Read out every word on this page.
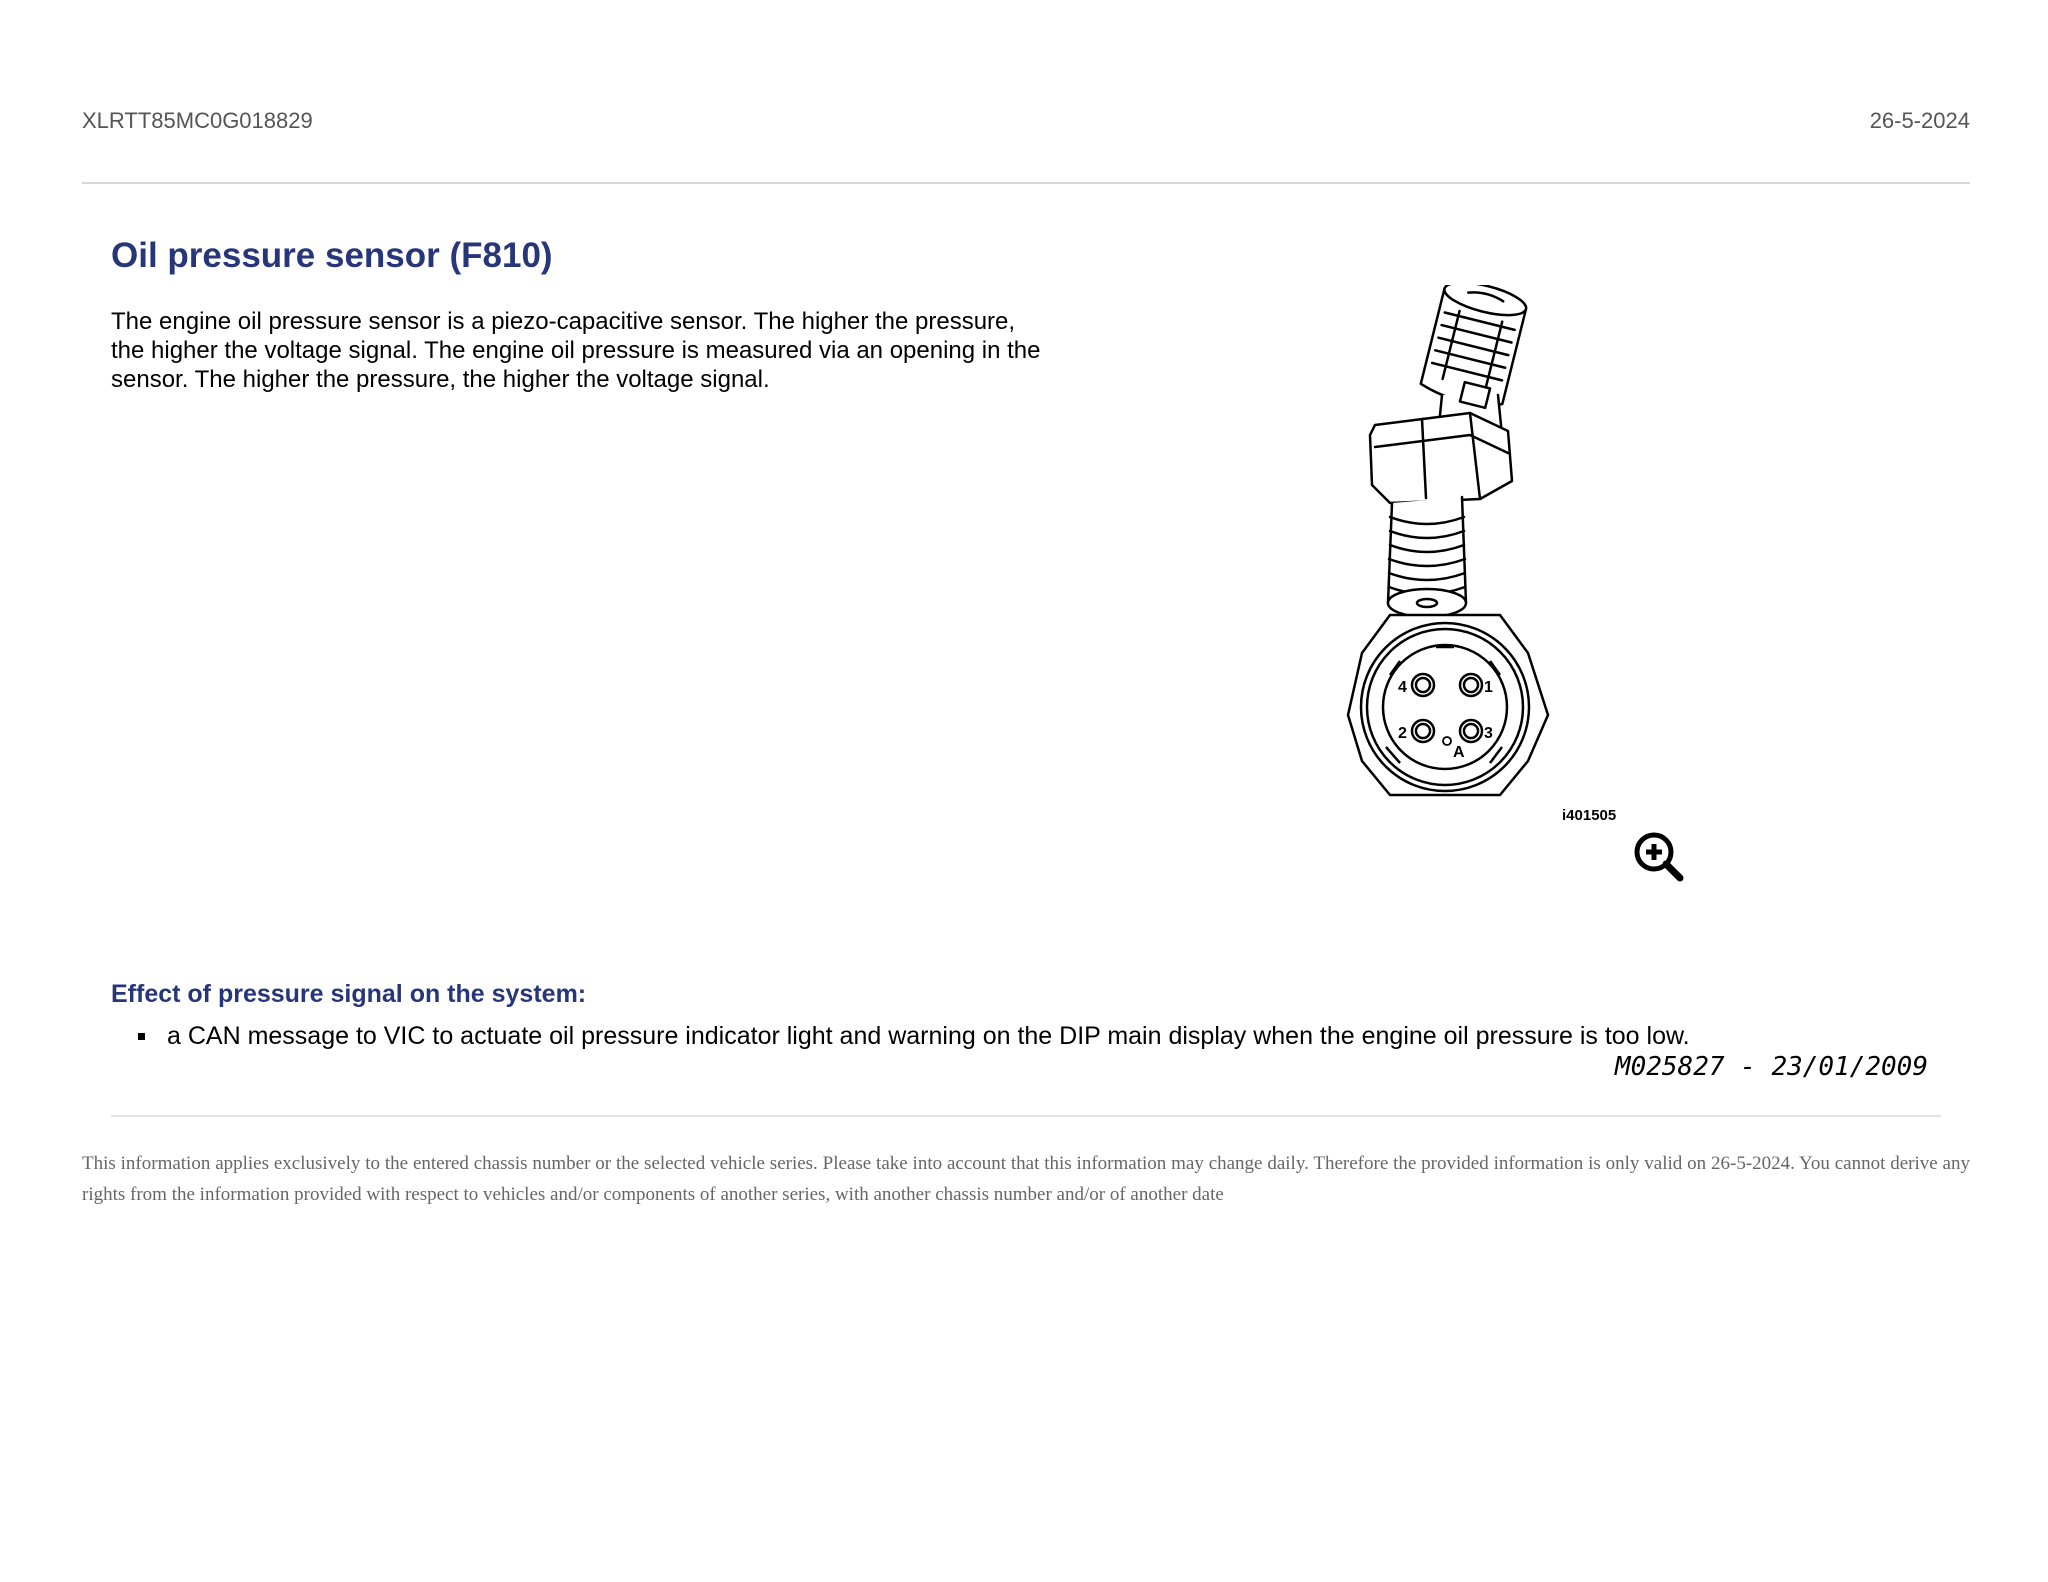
XLRTT85MC0G018829	26-5-2024
Oil pressure sensor (F810)

The engine oil pressure sensor is a piezo-capacitive sensor. The higher the pressure, the higher the voltage signal. The engine oil pressure is measured via an opening in the sensor. The higher the pressure, the higher the voltage signal.

4	1
2	3
A
i401505
Effect of pressure signal on the system:
a CAN message to VIC to actuate oil pressure indicator light and warning on the DIP main display when the engine oil pressure is too low.
M025827 - 23/01/2009

This information applies exclusively to the entered chassis number or the selected vehicle series. Please take into account that this information may change daily. Therefore the provided information is only valid on 26-5-2024. You cannot derive any rights from the information provided with respect to vehicles and/or components of another series, with another chassis number and/or of another date
